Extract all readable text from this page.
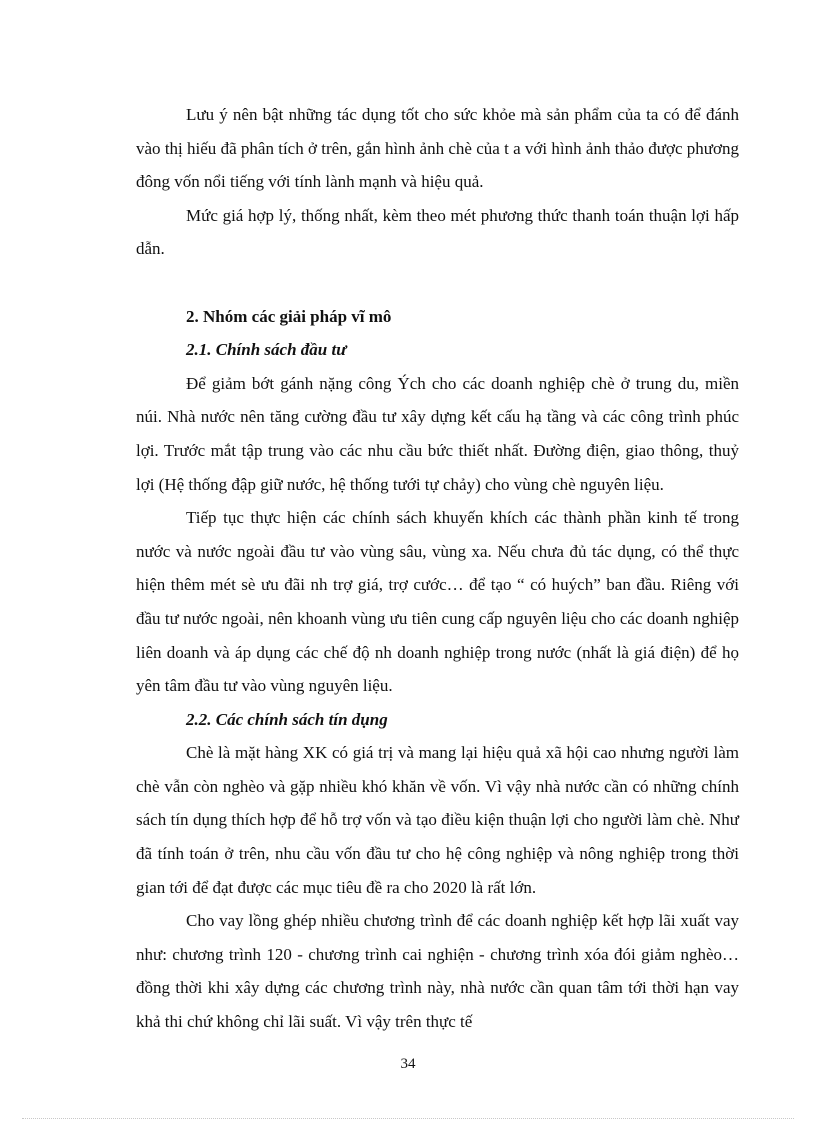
Lưu ý nên bật những tác dụng tốt cho sức khỏe mà sản phẩm của ta có để đánh vào thị hiếu đã phân tích ở trên, gắn hình ảnh chè của t a với hình ảnh thảo được phương đông vốn nổi tiếng với tính lành mạnh và hiệu quả.

Mức giá hợp lý, thống nhất, kèm theo mét phương thức thanh toán thuận lợi hấp dẫn.

2. Nhóm các giải pháp vĩ mô

2.1. Chính sách đầu tư

Để giảm bớt gánh nặng công Ých cho các doanh nghiệp chè ở trung du, miền núi. Nhà nước nên tăng cường đầu tư xây dựng kết cấu hạ tầng và các công trình phúc lợi. Trước mắt tập trung vào các nhu cầu bức thiết nhất. Đường điện, giao thông, thuỷ lợi (Hệ thống đập giữ nước, hệ thống tưới tự chảy) cho vùng chè nguyên liệu.

Tiếp tục thực hiện các chính sách khuyến khích các thành phần kinh tế trong nước và nước ngoài đầu tư vào vùng sâu, vùng xa. Nếu chưa đủ tác dụng, có thể thực hiện thêm mét sè ưu đãi nh trợ giá, trợ cước… để tạo “ có huých” ban đầu. Riêng với đầu tư nước ngoài, nên khoanh vùng ưu tiên cung cấp nguyên liệu cho các doanh nghiệp liên doanh và áp dụng các chế độ nh doanh nghiệp trong nước (nhất là giá điện) để họ yên tâm đầu tư vào vùng nguyên liệu.

2.2. Các chính sách tín dụng

Chè là mặt hàng XK có giá trị và mang lại hiệu quả xã hội cao nhưng người làm chè vẫn còn nghèo và gặp nhiều khó khăn về vốn. Vì vậy nhà nước cần có những chính sách tín dụng thích hợp để hỗ trợ vốn và tạo điều kiện thuận lợi cho người làm chè. Như đã tính toán ở trên, nhu cầu vốn đầu tư cho hệ công nghiệp và nông nghiệp trong thời gian tới để đạt được các mục tiêu đề ra cho 2020 là rất lớn.

Cho vay lồng ghép nhiều chương trình để các doanh nghiệp kết hợp lãi xuất vay như: chương trình 120 - chương trình cai nghiện - chương trình xóa đói giảm nghèo… đồng thời khi xây dựng các chương trình này, nhà nước cần quan tâm tới thời hạn vay khả thi chứ không chỉ lãi suất. Vì vậy trên thực tế

34
